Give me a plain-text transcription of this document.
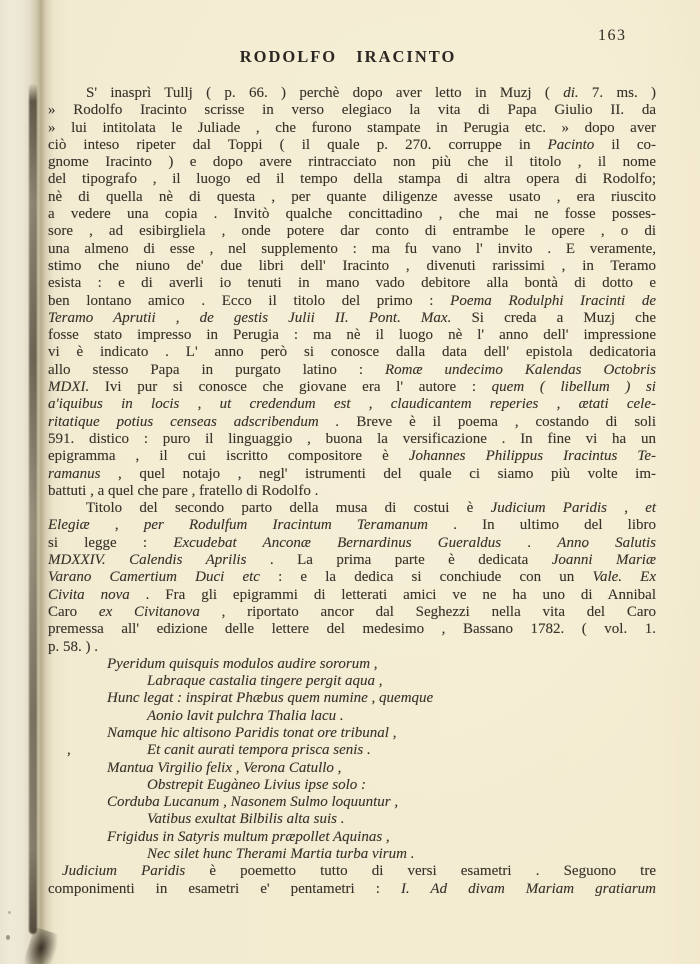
163
RODOLFO IRACINTO
S' inasprì Tullj ( p. 66. ) perchè dopo aver letto in Muzj ( di. 7. ms. )
» Rodolfo Iracinto scrisse in verso elegiaco la vita di Papa Giulio II. da
» lui intitolata le Juliade , che furono stampate in Perugia etc. » dopo aver
ciò inteso ripeter dal Toppi ( il quale p. 270. corruppe in Pacinto il co-
gnome Iracinto ) e dopo avere rintracciato non più che il titolo , il nome
del tipografo , il luogo ed il tempo della stampa di altra opera di Rodolfo;
nè di quella nè di questa , per quante diligenze avesse usato , era riuscito
a vedere una copia . Invitò qualche concittadino , che mai ne fosse posses-
sore , ad esibirgliela , onde potere dar conto di entrambe le opere , o di
una almeno di esse , nel supplemento : ma fu vano l' invito . E veramente,
stimo che niuno de' due libri dell' Iracinto , divenuti rarissimi , in Teramo
esista : e di averli io tenuti in mano vado debitore alla bontà di dotto e
ben lontano amico . Ecco il titolo del primo : Poema Rodulphi Iracinti de
Teramo Aprutii , de gestis Julii II. Pont. Max. Si creda a Muzj che
fosse stato impresso in Perugia : ma nè il luogo nè l' anno dell' impressione
vi è indicato . L' anno però si conosce dalla data dell' epistola dedicatoria
allo stesso Papa in purgato latino : Romæ undecimo Kalendas Octobris
MDXI. Ivi pur si conosce che giovane era l' autore : quem ( libellum ) si
a'iquibus in locis , ut credendum est , claudicantem reperies , ætati cele-
ritatique potius censeas adscribendum . Breve è il poema , costando di soli
591. distico : puro il linguaggio , buona la versificazione . In fine vi ha un
epigramma , il cui iscritto compositore è Johannes Philippus Iracintus Te-
ramanus , quel notajo , negl' istrumenti del quale ci siamo più volte im-
battuti , a quel che pare , fratello di Rodolfo .
Titolo del secondo parto della musa di costui è Judicium Paridis , et
Elegiæ , per Rodulfum Iracintum Teramanum . In ultimo del libro
si legge : Excudebat Anconæ Bernardinus Gueraldus . Anno Salutis
MDXXIV. Calendis Aprilis . La prima parte è dedicata Joanni Mariæ
Varano Camertium Duci etc : e la dedica si conchiude con un Vale. Ex
Civita nova . Fra gli epigrammi di letterati amici ve ne ha uno di Annibal
Caro ex Civitanova , riportato ancor dal Seghezzi nella vita del Caro
premessa all' edizione delle lettere del medesimo , Bassano 1782. ( vol. 1.
p. 58. ) .
Pyeridum quisquis modulos audire sororum ,
Labraque castalia tingere pergit aqua ,
Hunc legat : inspirat Phæbus quem numine , quemque
Aonio lavit pulchra Thalia lacu .
Namque hic altisono Paridis tonat ore tribunal ,
,	Et canit aurati tempora prisca senis .
Mantua Virgilio felix , Verona Catullo ,
Obstrepit Eugàneo Livius ipse solo :
Corduba Lucanum , Nasonem Sulmo loquuntur ,
Vatibus exultat Bilbilis alta suis .
Frigidus in Satyris multum præpollet Aquinas ,
Nec silet hunc Therami Martia turba virum .
Judicium Paridis è poemetto tutto di versi esametri . Seguono tre
componimenti in esametri e' pentametri : I. Ad divam Mariam gratiarum
